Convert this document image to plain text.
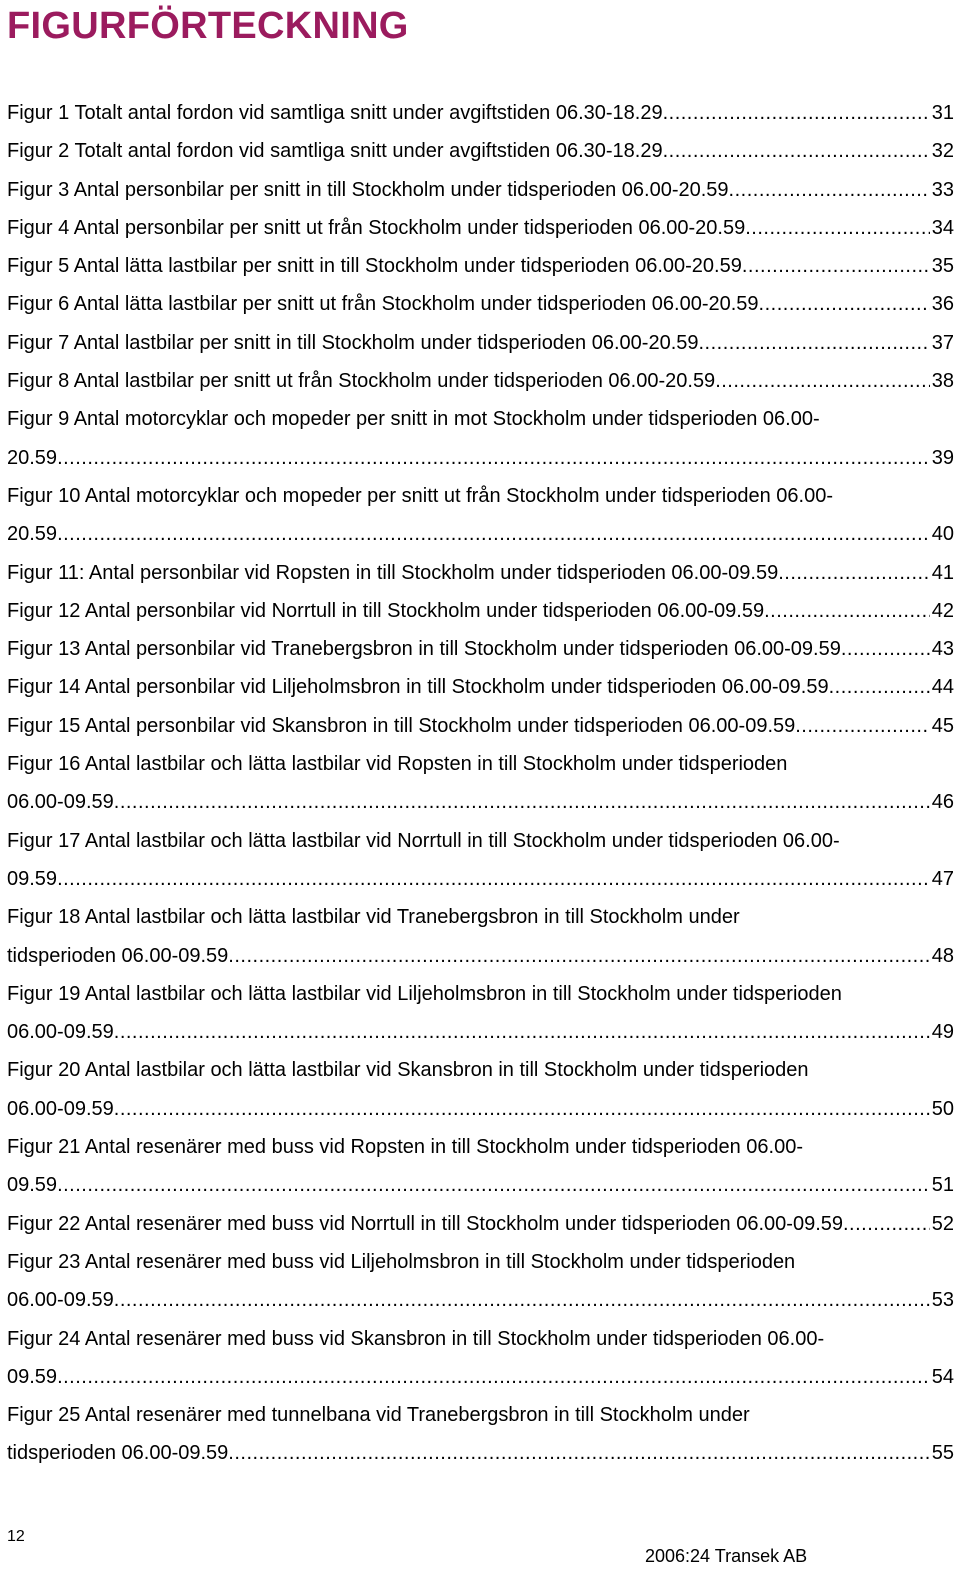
FIGURFÖRTECKNING
Figur 1 Totalt antal fordon vid samtliga snitt under avgiftstiden 06.30-18.29 .....	31
Figur 2 Totalt antal fordon vid samtliga snitt under avgiftstiden 06.30-18.29 .....	32
Figur 3 Antal personbilar per snitt in till Stockholm under tidsperioden 06.00-20.59 .....	33
Figur 4 Antal personbilar per snitt ut från Stockholm under tidsperioden 06.00-20.59 .....	34
Figur 5 Antal lätta lastbilar per snitt in till Stockholm under tidsperioden 06.00-20.59 .....	35
Figur 6 Antal lätta lastbilar per snitt ut från Stockholm under tidsperioden 06.00-20.59 .....	36
Figur 7 Antal lastbilar per snitt in till Stockholm under tidsperioden 06.00-20.59 .....	37
Figur 8 Antal lastbilar per snitt ut från Stockholm under tidsperioden 06.00-20.59 .....	38
Figur 9 Antal motorcyklar och mopeder per snitt in mot Stockholm under tidsperioden 06.00-
20.59 .....	39
Figur 10 Antal motorcyklar och mopeder per snitt ut från Stockholm under tidsperioden 06.00-
20.59 .....	40
Figur 11: Antal personbilar vid Ropsten in till Stockholm under tidsperioden 06.00-09.59 .....	41
Figur 12 Antal personbilar vid Norrtull in till Stockholm under tidsperioden 06.00-09.59 .....	42
Figur 13 Antal personbilar vid Tranebergsbron in till Stockholm under tidsperioden 06.00-09.59 .....	43
Figur 14 Antal personbilar vid Liljeholmsbron in till Stockholm under tidsperioden 06.00-09.59 .....	44
Figur 15 Antal personbilar vid Skansbron in till Stockholm under tidsperioden 06.00-09.59 .....	45
Figur 16 Antal lastbilar och lätta lastbilar vid Ropsten in till Stockholm under tidsperioden
06.00-09.59 .....	46
Figur 17 Antal lastbilar och lätta lastbilar vid Norrtull in till Stockholm under tidsperioden 06.00-
09.59 .....	47
Figur 18 Antal lastbilar och lätta lastbilar vid Tranebergsbron in till Stockholm under
tidsperioden 06.00-09.59 .....	48
Figur 19 Antal lastbilar och lätta lastbilar vid Liljeholmsbron in till Stockholm under tidsperioden
06.00-09.59 .....	49
Figur 20 Antal lastbilar och lätta lastbilar vid Skansbron in till Stockholm under tidsperioden
06.00-09.59 .....	50
Figur 21 Antal resenärer med buss vid Ropsten in till Stockholm under tidsperioden 06.00-
09.59 .....	51
Figur 22 Antal resenärer med buss vid Norrtull in till Stockholm under tidsperioden 06.00-09.59 .....	52
Figur 23 Antal resenärer med buss vid Liljeholmsbron in till Stockholm under tidsperioden
06.00-09.59 .....	53
Figur 24 Antal resenärer med buss vid Skansbron in till Stockholm under tidsperioden 06.00-
09.59 .....	54
Figur 25 Antal resenärer med tunnelbana vid Tranebergsbron in till Stockholm under
tidsperioden 06.00-09.59 .....	55
12
2006:24 Transek AB
